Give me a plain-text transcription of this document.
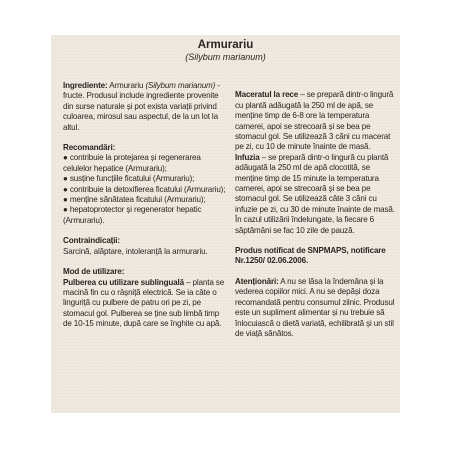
Armurariu
(Silybum marianum)

Ingrediente: Armurariu (Silybum marianum) - fructe. Produsul include ingrediente provenite din surse naturale și pot exista variații privind culoarea, mirosul sau aspectul, de la un lot la altul.

Recomandări:

● contribuie la protejarea și regenerarea celulelor hepatice (Armurariu);

● susține funcțiile ficatului (Armurariu);

● contribuie la detoxifierea ficatului (Armurariu);

● menține sănătatea ficatului (Armurariu);

● hepatoprotector și regenerator hepatic (Armurariu).

Contraindicații:

Sarcină, alăptare, intoleranță la armurariu.

Mod de utilizare:

Pulberea cu utilizare sublinguală – planta se macină fin cu o râșniță electrică. Se ia câte o linguriță cu pulbere de patru ori pe zi, pe stomacul gol. Pulberea se ține sub limbă timp de 10-15 minute, după care se înghite cu apă.

Maceratul la rece – se prepară dintr-o lingură cu plantă adăugată la 250 ml de apă, se menține timp de 6-8 ore la temperatura camerei, apoi se strecoară și se bea pe stomacul gol. Se utilizează 3 căni cu macerat pe zi, cu 10 de minute înainte de masă.

Infuzia – se prepară dintr-o lingură cu plantă adăugată la 250 ml de apă clocotită, se menține timp de 15 minute la temperatura camerei, apoi se strecoară și se bea pe stomacul gol. Se utilizează câte 3 căni cu infuzie pe zi, cu 30 de minute înainte de masă. În cazul utilizării îndelungate, la fiecare 6 săptămâni se fac 10 zile de pauză.

Produs notificat de SNPMAPS, notificare Nr.1250/ 02.06.2006.

Atenționări: A nu se lăsa la îndemâna și la vederea copiilor mici. A nu se depăși doza recomandată pentru consumul zilnic. Produsul este un supliment alimentar și nu trebuie să înlocuiască o dietă variată, echilibrată și un stil de viață sănătos.
